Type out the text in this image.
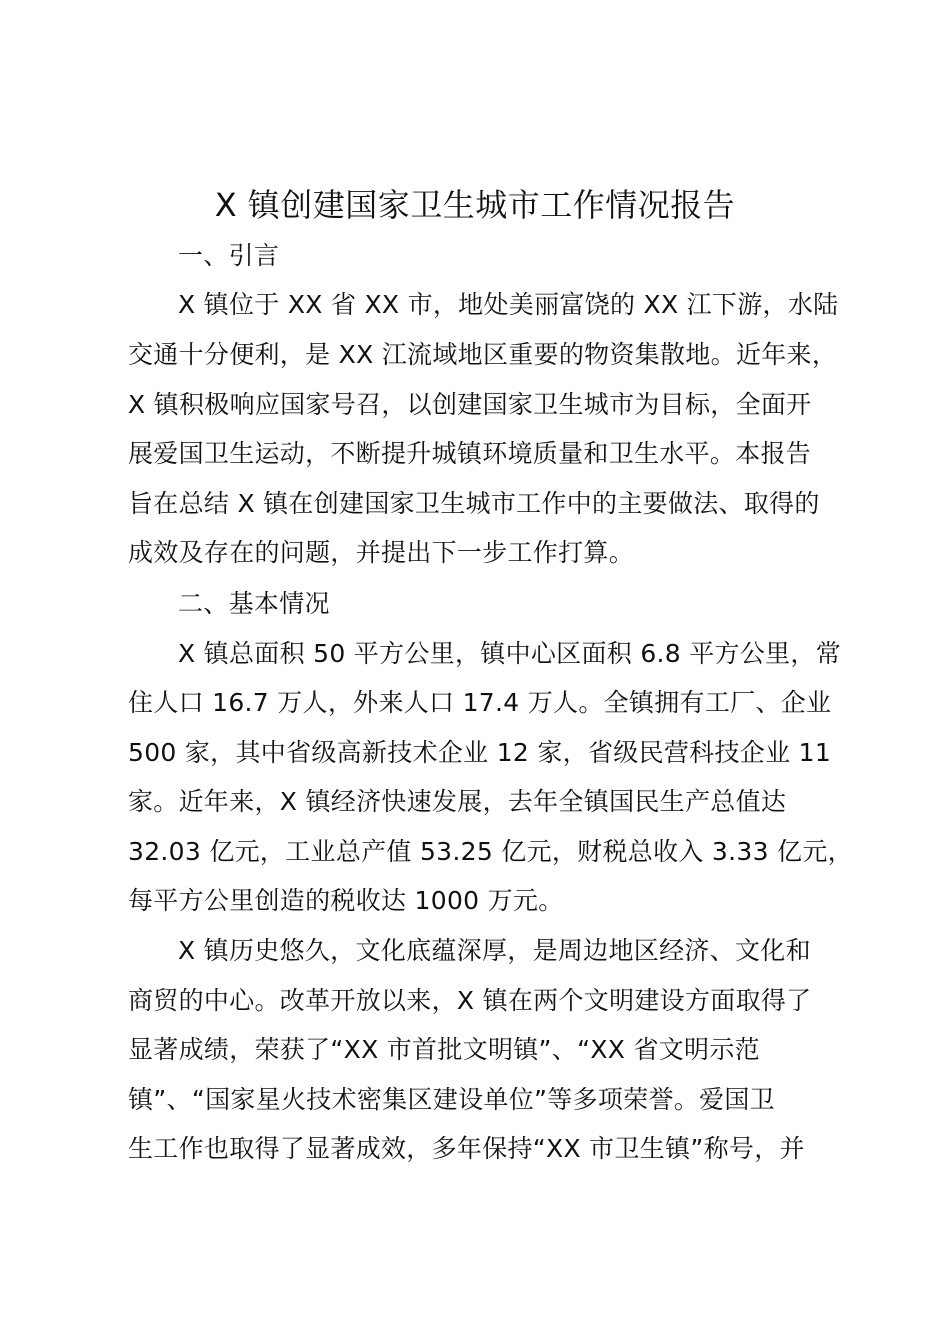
X 镇创建国家卫生城市工作情况报告
一、引言
X 镇位于 XX 省 XX 市，地处美丽富饶的 XX 江下游，水陆
交通十分便利，是 XX 江流域地区重要的物资集散地。近年来，
X 镇积极响应国家号召，以创建国家卫生城市为目标，全面开
展爱国卫生运动，不断提升城镇环境质量和卫生水平。本报告
旨在总结 X 镇在创建国家卫生城市工作中的主要做法、取得的
成效及存在的问题，并提出下一步工作打算。
二、基本情况
X 镇总面积 50 平方公里，镇中心区面积 6.8 平方公里，常
住人口 16.7 万人，外来人口 17.4 万人。全镇拥有工厂、企业
500 家，其中省级高新技术企业 12 家，省级民营科技企业 11
家。近年来，X 镇经济快速发展，去年全镇国民生产总值达
32.03 亿元，工业总产值 53.25 亿元，财税总收入 3.33 亿元，
每平方公里创造的税收达 1000 万元。
X 镇历史悠久，文化底蕴深厚，是周边地区经济、文化和
商贸的中心。改革开放以来，X 镇在两个文明建设方面取得了
显著成绩，荣获了“XX 市首批文明镇”、“XX 省文明示范
镇”、“国家星火技术密集区建设单位”等多项荣誉。爱国卫
生工作也取得了显著成效，多年保持“XX 市卫生镇”称号，并
